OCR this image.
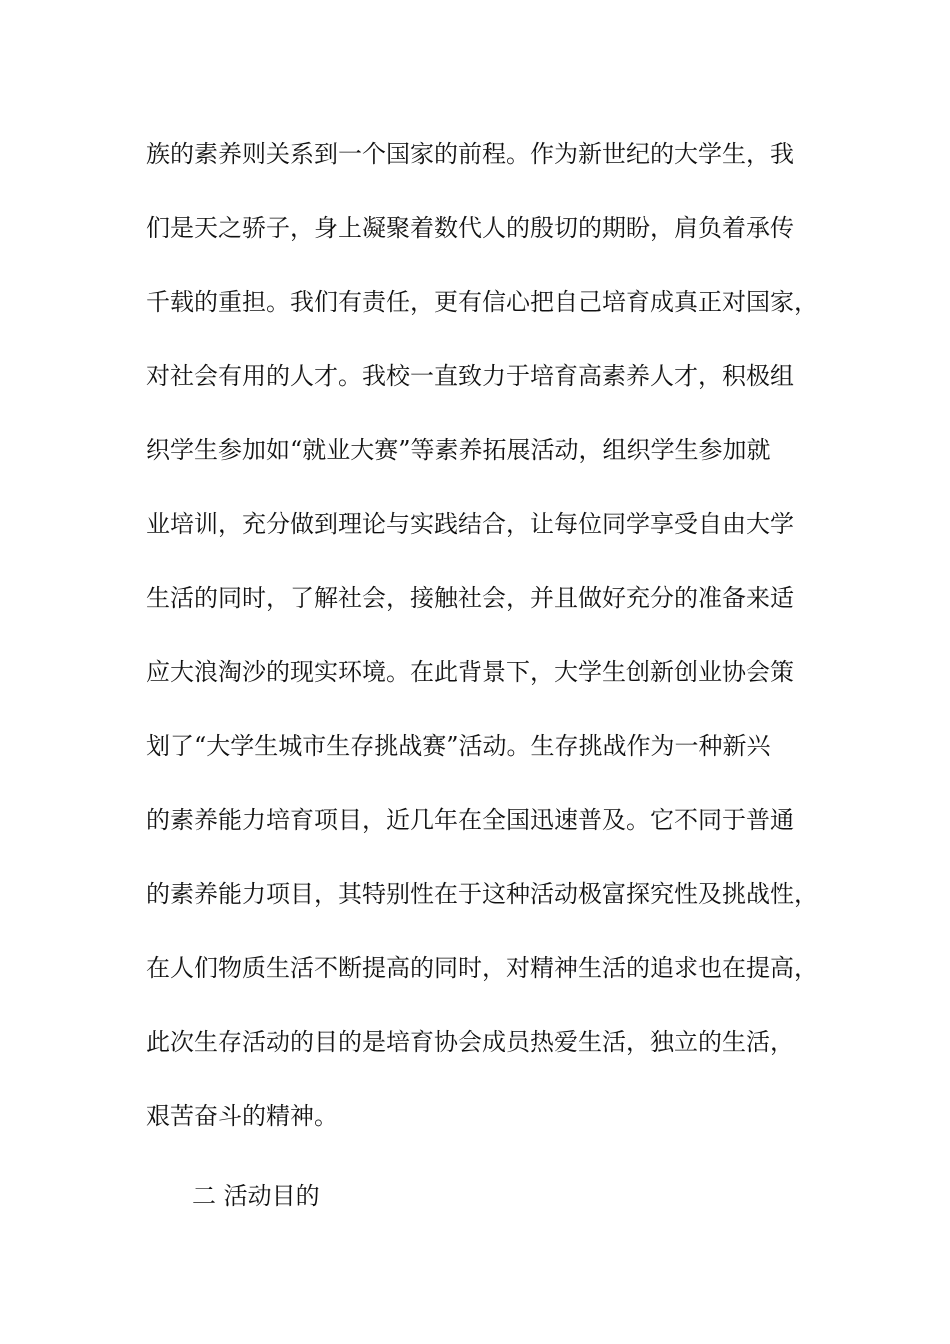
族的素养则关系到一个国家的前程。作为新世纪的大学生，我
们是天之骄子，身上凝聚着数代人的殷切的期盼，肩负着承传
千载的重担。我们有责任，更有信心把自己培育成真正对国家，
对社会有用的人才。我校一直致力于培育高素养人才，积极组
织学生参加如“就业大赛”等素养拓展活动，组织学生参加就
业培训，充分做到理论与实践结合，让每位同学享受自由大学
生活的同时，了解社会，接触社会，并且做好充分的准备来适
应大浪淘沙的现实环境。在此背景下，大学生创新创业协会策
划了“大学生城市生存挑战赛”活动。生存挑战作为一种新兴
的素养能力培育项目，近几年在全国迅速普及。它不同于普通
的素养能力项目，其特别性在于这种活动极富探究性及挑战性，
在人们物质生活不断提高的同时，对精神生活的追求也在提高，
此次生存活动的目的是培育协会成员热爱生活，独立的生活，
艰苦奋斗的精神。
二 活动目的
